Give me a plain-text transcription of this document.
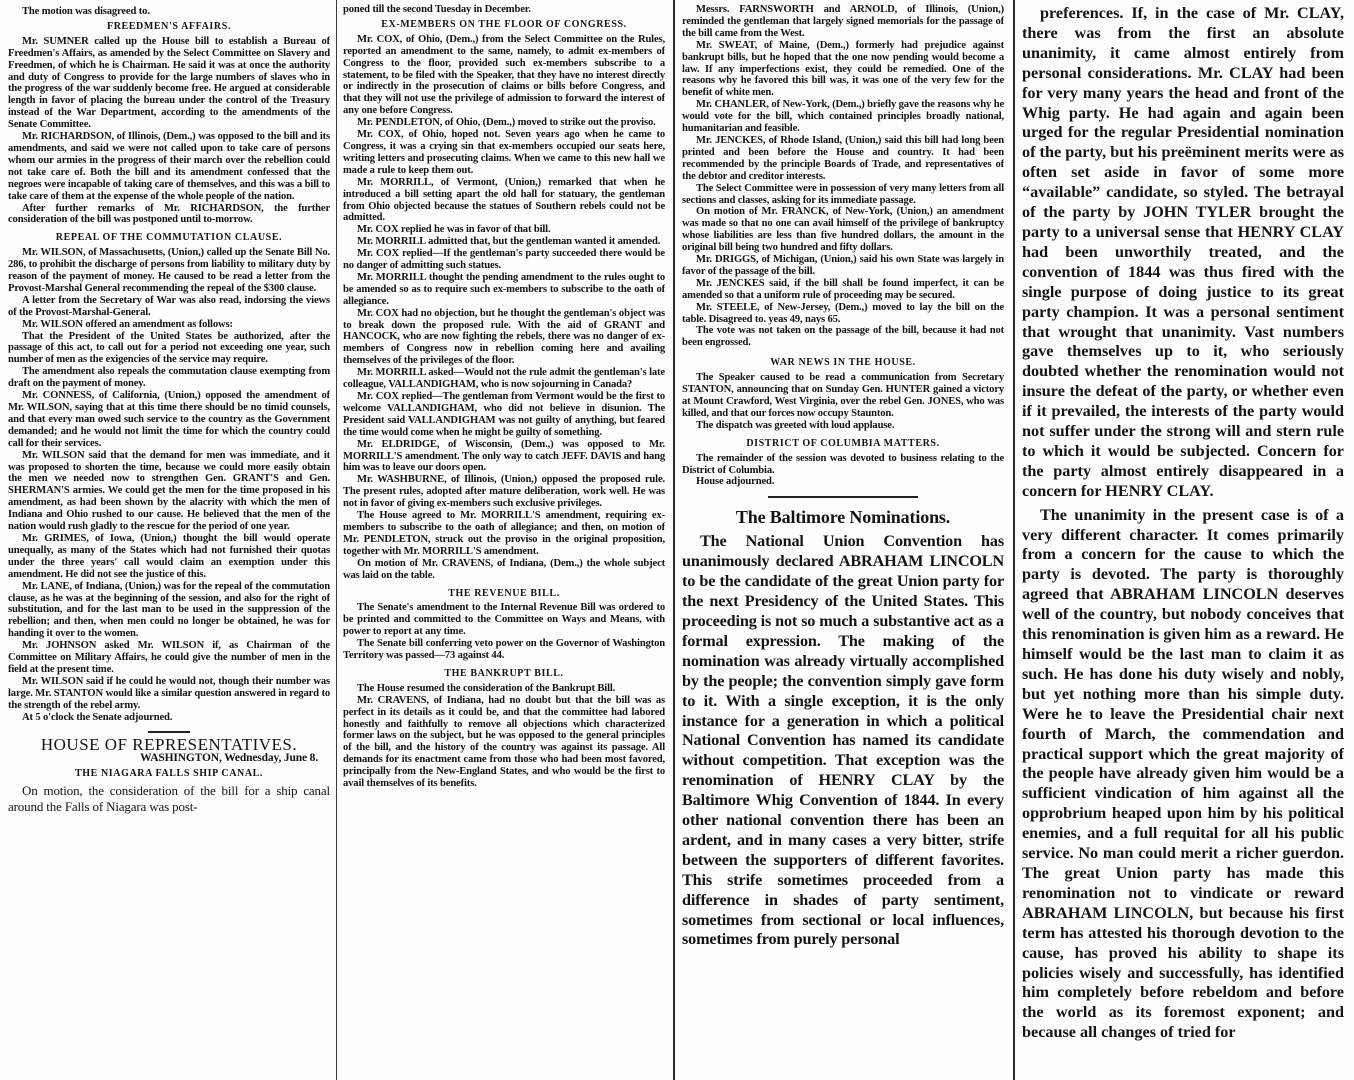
The motion was disagreed to.

FREEDMEN'S AFFAIRS.

Mr. SUMNER called up the House bill to establish a Bureau of Freedmen's Affairs, as amended by the Select Committee on Slavery and Freedmen, of which he is Chairman. He said it was at once the authority and duty of Congress to provide for the large numbers of slaves who in the progress of the war suddenly become free. He argued at considerable length in favor of placing the bureau under the control of the Treasury instead of the War Department, according to the amendments of the Senate Committee.

Mr. RICHARDSON, of Illinois, (Dem.,) was opposed to the bill and its amendments, and said we were not called upon to take care of persons whom our armies in the progress of their march over the rebellion could not take care of. Both the bill and its amendment confessed that the negroes were incapable of taking care of themselves, and this was a bill to take care of them at the expense of the whole people of the nation.

After further remarks of Mr. RICHARDSON, the further consideration of the bill was postponed until to-morrow.

REPEAL OF THE COMMUTATION CLAUSE.

Mr. WILSON, of Massachusetts, (Union,) called up the Senate Bill No. 286, to prohibit the discharge of persons from liability to military duty by reason of the payment of money. He caused to be read a letter from the Provost-Marshal General recommending the repeal of the $300 clause.

A letter from the Secretary of War was also read, indorsing the views of the Provost-Marshal-General.

Mr. WILSON offered an amendment as follows:

That the President of the United States be authorized, after the passage of this act, to call out for a period not exceeding one year, such number of men as the exigencies of the service may require.

The amendment also repeals the commutation clause exempting from draft on the payment of money.

Mr. CONNESS, of California, (Union,) opposed the amendment of Mr. WILSON, saying that at this time there should be no timid counsels, and that every man owed such service to the country as the Government demanded; and he would not limit the time for which the country could call for their services.

Mr. WILSON said that the demand for men was immediate, and it was proposed to shorten the time, because we could more easily obtain the men we needed now to strengthen Gen. GRANT'S and Gen. SHERMAN'S armies. We could get the men for the time proposed in his amendment, as had been shown by the alacrity with which the men of Indiana and Ohio rushed to our cause. He believed that the men of the nation would rush gladly to the rescue for the period of one year.

Mr. GRIMES, of Iowa, (Union,) thought the bill would operate unequally, as many of the States which had not furnished their quotas under the three years' call would claim an exemption under this amendment. He did not see the justice of this.

Mr. LANE, of Indiana, (Union,) was for the repeal of the commutation clause, as he was at the beginning of the session, and also for the right of substitution, and for the last man to be used in the suppression of the rebellion; and then, when men could no longer be obtained, he was for handing it over to the women.

Mr. JOHNSON asked Mr. WILSON if, as Chairman of the Committee on Military Affairs, he could give the number of men in the field at the present time.

Mr. WILSON said if he could he would not, though their number was large. Mr. STANTON would like a similar question answered in regard to the strength of the rebel army.

At 5 o'clock the Senate adjourned.

HOUSE OF REPRESENTATIVES.
WASHINGTON, Wednesday, June 8.
THE NIAGARA FALLS SHIP CANAL.

On motion, the consideration of the bill for a ship canal around the Falls of Niagara was post-

poned till the second Tuesday in December.

EX-MEMBERS ON THE FLOOR OF CONGRESS.

Mr. COX, of Ohio, (Dem.,) from the Select Committee on the Rules, reported an amendment to the same, namely, to admit ex-members of Congress to the floor, provided such ex-members subscribe to a statement, to be filed with the Speaker, that they have no interest directly or indirectly in the prosecution of claims or bills before Congress, and that they will not use the privilege of admission to forward the interest of any one before Congress.

Mr. PENDLETON, of Ohio, (Dem.,) moved to strike out the proviso.

Mr. COX, of Ohio, hoped not. Seven years ago when he came to Congress, it was a crying sin that ex-members occupied our seats here, writing letters and prosecuting claims. When we came to this new hall we made a rule to keep them out.

Mr. MORRILL, of Vermont, (Union,) remarked that when he introduced a bill setting apart the old hall for statuary, the gentleman from Ohio objected because the statues of Southern rebels could not be admitted.

Mr. COX replied he was in favor of that bill.

Mr. MORRILL admitted that, but the gentleman wanted it amended.

Mr. COX replied—If the gentleman's party succeeded there would be no danger of admitting such statues.

Mr. MORRILL thought the pending amendment to the rules ought to be amended so as to require such ex-members to subscribe to the oath of allegiance.

Mr. COX had no objection, but he thought the gentleman's object was to break down the proposed rule. With the aid of GRANT and HANCOCK, who are now fighting the rebels, there was no danger of ex-members of Congress now in rebellion coming here and availing themselves of the privileges of the floor.

Mr. MORRILL asked—Would not the rule admit the gentleman's late colleague, VALLANDIGHAM, who is now sojourning in Canada?

Mr. COX replied—The gentleman from Vermont would be the first to welcome VALLANDIGHAM, who did not believe in disunion. The President said VALLANDIGHAM was not guilty of anything, but feared the time would come when he might be guilty of something.

Mr. ELDRIDGE, of Wisconsin, (Dem.,) was opposed to Mr. MORRILL'S amendment. The only way to catch JEFF. DAVIS and hang him was to leave our doors open.

Mr. WASHBURNE, of Illinois, (Union,) opposed the proposed rule. The present rules, adopted after mature deliberation, work well. He was not in favor of giving ex-members such exclusive privileges.

The House agreed to Mr. MORRILL'S amendment, requiring ex-members to subscribe to the oath of allegiance; and then, on motion of Mr. PENDLETON, struck out the proviso in the original proposition, together with Mr. MORRILL'S amendment.

On motion of Mr. CRAVENS, of Indiana, (Dem.,) the whole subject was laid on the table.

THE REVENUE BILL.

The Senate's amendment to the Internal Revenue Bill was ordered to be printed and committed to the Committee on Ways and Means, with power to report at any time.

The Senate bill conferring veto power on the Governor of Washington Territory was passed—73 against 44.

THE BANKRUPT BILL.

The House resumed the consideration of the Bankrupt Bill.

Mr. CRAVENS, of Indiana, had no doubt but that the bill was as perfect in its details as it could be, and that the committee had labored honestly and faithfully to remove all objections which characterized former laws on the subject, but he was opposed to the general principles of the bill, and the history of the country was against its passage. All demands for its enactment came from those who had been most favored, principally from the New-England States, and who would be the first to avail themselves of its benefits.

Messrs. FARNSWORTH and ARNOLD, of Illinois, (Union,) reminded the gentleman that largely signed memorials for the passage of the bill came from the West.

Mr. SWEAT, of Maine, (Dem.,) formerly had prejudice against bankrupt bills, but he hoped that the one now pending would become a law. If any imperfections exist, they could be remedied. One of the reasons why he favored this bill was, it was one of the very few for the benefit of white men.

Mr. CHANLER, of New-York, (Dem.,) briefly gave the reasons why he would vote for the bill, which contained principles broadly national, humanitarian and feasible.

Mr. JENCKES, of Rhode Island, (Union,) said this bill had long been printed and been before the House and country. It had been recommended by the principle Boards of Trade, and representatives of the debtor and creditor interests.

The Select Committee were in possession of very many letters from all sections and classes, asking for its immediate passage.

On motion of Mr. FRANCK, of New-York, (Union,) an amendment was made so that no one can avail himself of the privilege of bankruptcy whose liabilities are less than five hundred dollars, the amount in the original bill being two hundred and fifty dollars.

Mr. DRIGGS, of Michigan, (Union,) said his own State was largely in favor of the passage of the bill.

Mr. JENCKES said, if the bill shall be found imperfect, it can be amended so that a uniform rule of proceeding may be secured.

Mr. STEELE, of New-Jersey, (Dem.,) moved to lay the bill on the table. Disagreed to. yeas 49, nays 65.

The vote was not taken on the passage of the bill, because it had not been engrossed.

WAR NEWS IN THE HOUSE.

The Speaker caused to be read a communication from Secretary STANTON, announcing that on Sunday Gen. HUNTER gained a victory at Mount Crawford, West Virginia, over the rebel Gen. JONES, who was killed, and that our forces now occupy Staunton.

The dispatch was greeted with loud applause.

DISTRICT OF COLUMBIA MATTERS.

The remainder of the session was devoted to business relating to the District of Columbia.

House adjourned.

The Baltimore Nominations.

The National Union Convention has unanimously declared ABRAHAM LINCOLN to be the candidate of the great Union party for the next Presidency of the United States. This proceeding is not so much a substantive act as a formal expression. The making of the nomination was already virtually accomplished by the people; the convention simply gave form to it. With a single exception, it is the only instance for a generation in which a political National Convention has named its candidate without competition. That exception was the renomination of HENRY CLAY by the Baltimore Whig Convention of 1844. In every other national convention there has been an ardent, and in many cases a very bitter, strife between the supporters of different favorites. This strife sometimes proceeded from a difference in shades of party sentiment, sometimes from sectional or local influences, sometimes from purely personal

preferences. If, in the case of Mr. CLAY, there was from the first an absolute unanimity, it came almost entirely from personal considerations. Mr. CLAY had been for very many years the head and front of the Whig party. He had again and again been urged for the regular Presidential nomination of the party, but his preëminent merits were as often set aside in favor of some more “available” candidate, so styled. The betrayal of the party by JOHN TYLER brought the party to a universal sense that HENRY CLAY had been unworthily treated, and the convention of 1844 was thus fired with the single purpose of doing justice to its great party champion. It was a personal sentiment that wrought that unanimity. Vast numbers gave themselves up to it, who seriously doubted whether the renomination would not insure the defeat of the party, or whether even if it prevailed, the interests of the party would not suffer under the strong will and stern rule to which it would be subjected. Concern for the party almost entirely disappeared in a concern for HENRY CLAY.

The unanimity in the present case is of a very different character. It comes primarily from a concern for the cause to which the party is devoted. The party is thoroughly agreed that ABRAHAM LINCOLN deserves well of the country, but nobody conceives that this renomination is given him as a reward. He himself would be the last man to claim it as such. He has done his duty wisely and nobly, but yet nothing more than his simple duty. Were he to leave the Presidential chair next fourth of March, the commendation and practical support which the great majority of the people have already given him would be a sufficient vindication of him against all the opprobrium heaped upon him by his political enemies, and a full requital for all his public service. No man could merit a richer guerdon. The great Union party has made this renomination not to vindicate or reward ABRAHAM LINCOLN, but because his first term has attested his thorough devotion to the cause, has proved his ability to shape its policies wisely and successfully, has identified him completely before rebeldom and before the world as its foremost exponent; and because all changes of tried for
